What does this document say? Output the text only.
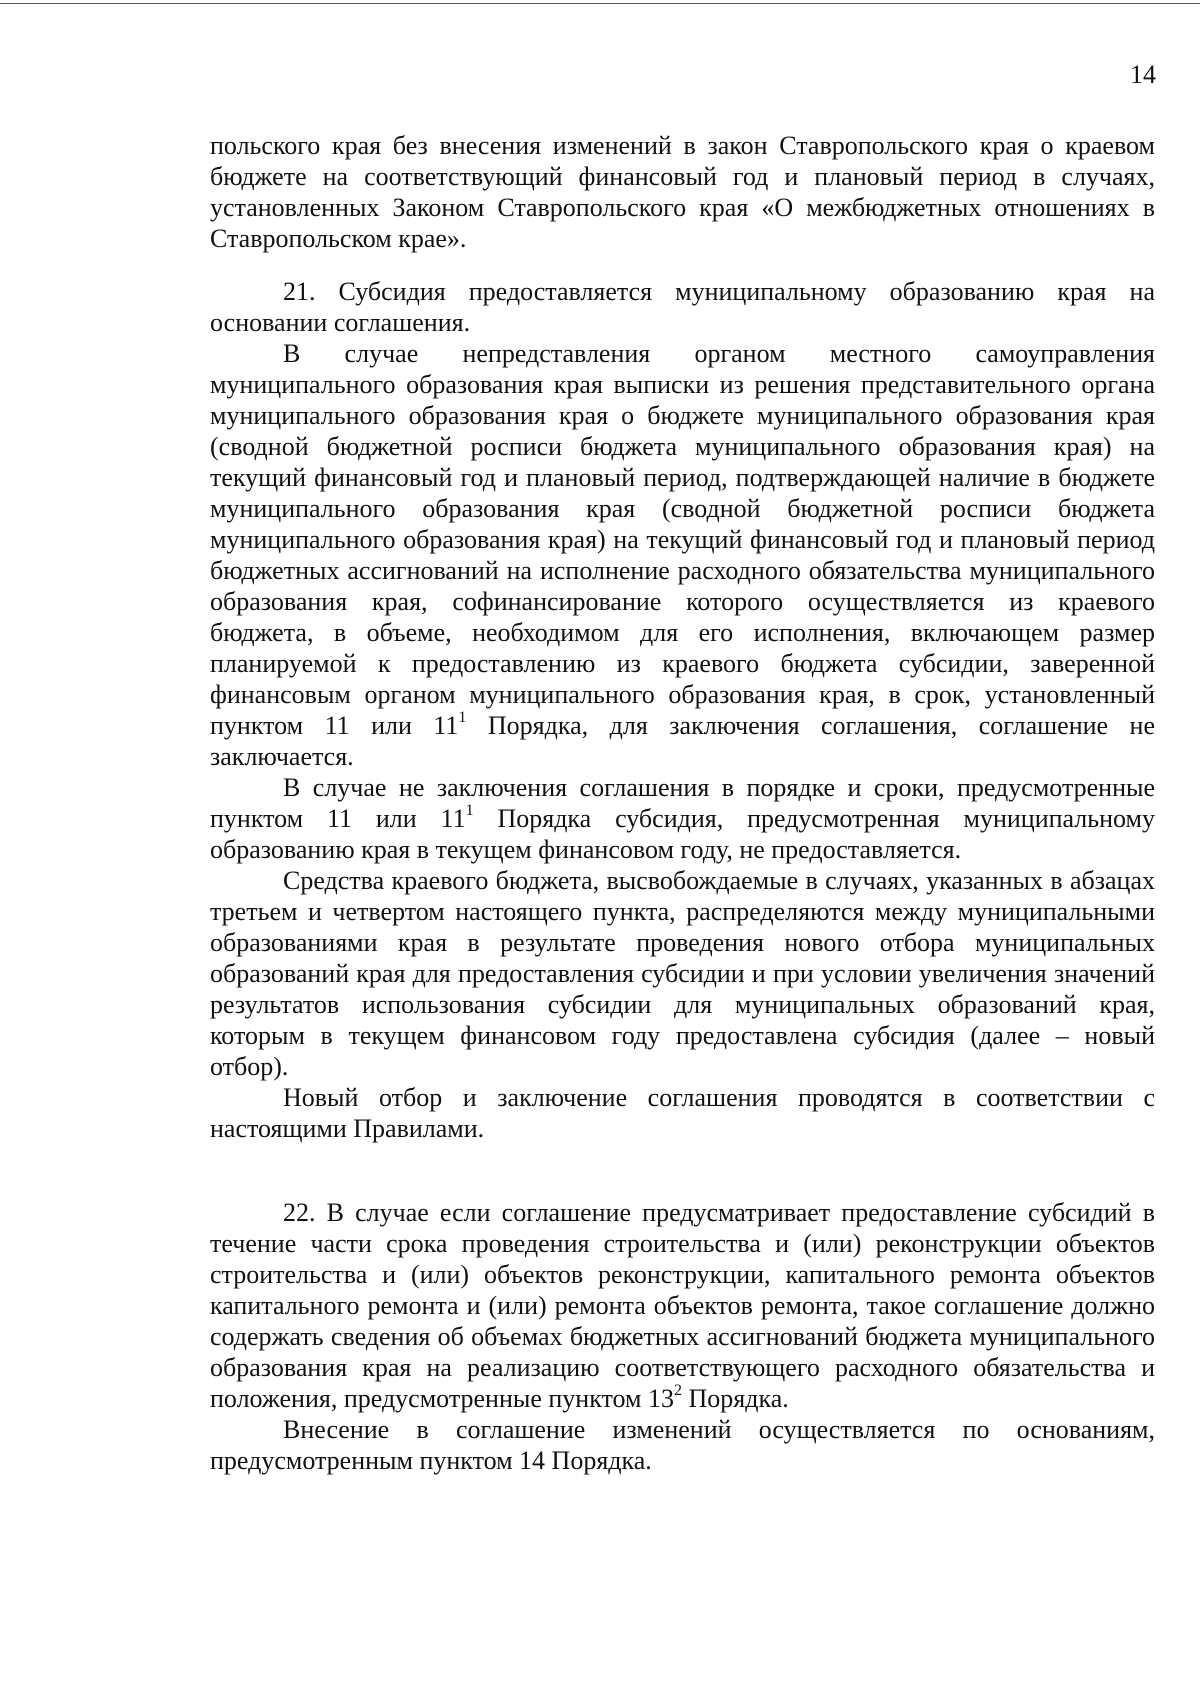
14

польского края без внесения изменений в закон Ставропольского края о краевом бюджете на соответствующий финансовый год и плановый период в случаях, установленных Законом Ставропольского края «О межбюджетных отношениях в Ставропольском крае».

21. Субсидия предоставляется муниципальному образованию края на основании соглашения.

В случае непредставления органом местного самоуправления муниципального образования края выписки из решения представительного органа муниципального образования края о бюджете муниципального образования края (сводной бюджетной росписи бюджета муниципального образования края) на текущий финансовый год и плановый период, подтверждающей наличие в бюджете муниципального образования края (сводной бюджетной росписи бюджета муниципального образования края) на текущий финансовый год и плановый период бюджетных ассигнований на исполнение расходного обязательства муниципального образования края, софинансирование которого осуществляется из краевого бюджета, в объеме, необходимом для его исполнения, включающем размер планируемой к предоставлению из краевого бюджета субсидии, заверенной финансовым органом муниципального образования края, в срок, установленный пунктом 11 или $11^1$ Порядка, для заключения соглашения, соглашение не заключается.

В случае не заключения соглашения в порядке и сроки, предусмотренные пунктом 11 или $11^1$ Порядка субсидия, предусмотренная муниципальному образованию края в текущем финансовом году, не предоставляется.

Средства краевого бюджета, высвобождаемые в случаях, указанных в абзацах третьем и четвертом настоящего пункта, распределяются между муниципальными образованиями края в результате проведения нового отбора муниципальных образований края для предоставления субсидии и при условии увеличения значений результатов использования субсидии для муниципальных образований края, которым в текущем финансовом году предоставлена субсидия (далее – новый отбор).

Новый отбор и заключение соглашения проводятся в соответствии с настоящими Правилами.

22. В случае если соглашение предусматривает предоставление субсидий в течение части срока проведения строительства и (или) реконструкции объектов строительства и (или) объектов реконструкции, капитального ремонта объектов капитального ремонта и (или) ремонта объектов ремонта, такое соглашение должно содержать сведения об объемах бюджетных ассигнований бюджета муниципального образования края на реализацию соответствующего расходного обязательства и положения, предусмотренные пунктом $13^2$ Порядка.

Внесение в соглашение изменений осуществляется по основаниям, предусмотренным пунктом 14 Порядка.
